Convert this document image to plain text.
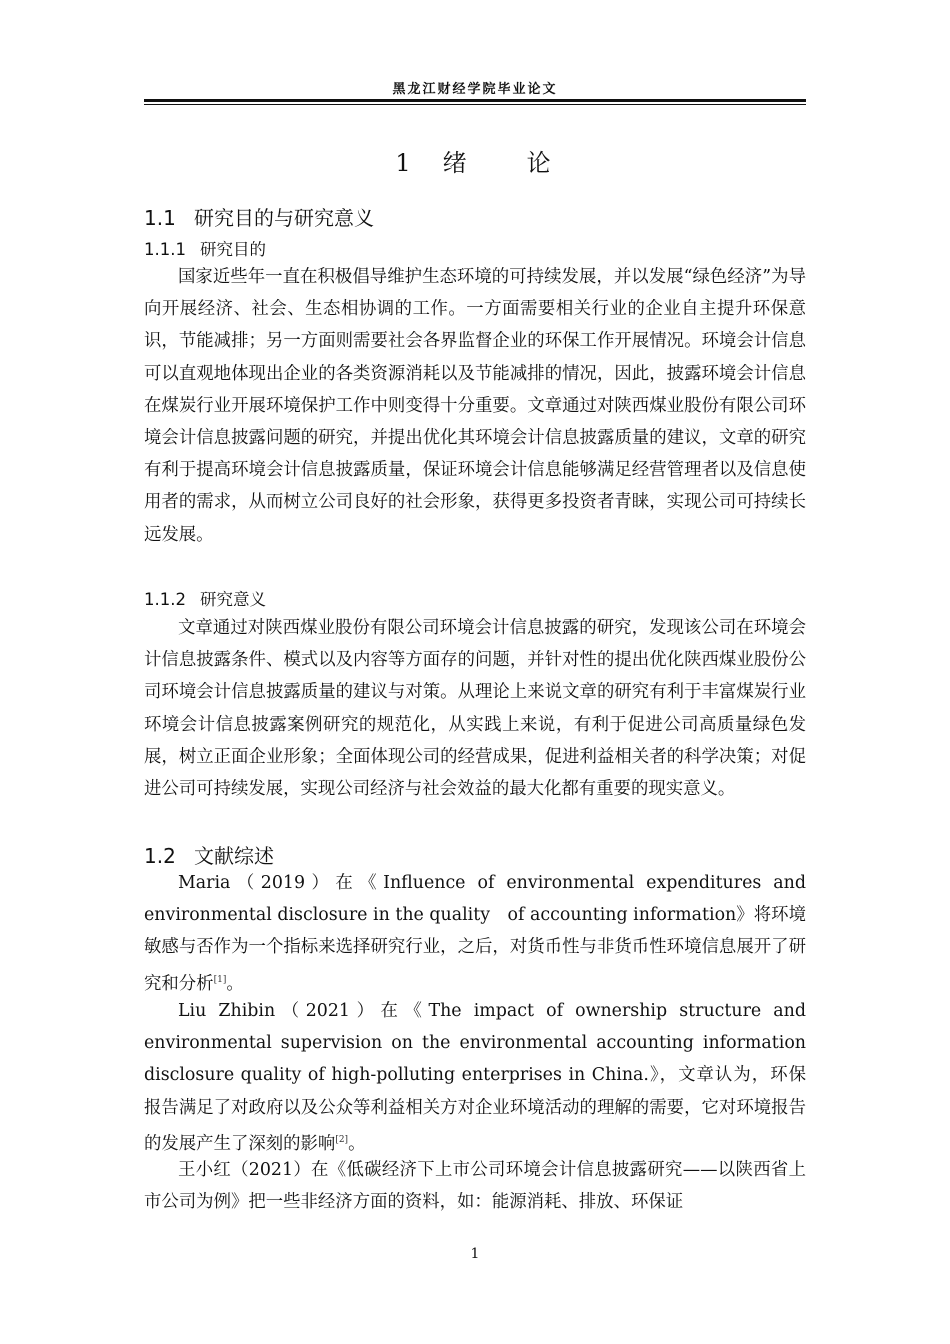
黑龙江财经学院毕业论文
1　绪　　论
1.1 研究目的与研究意义
1.1.1 研究目的

国家近些年一直在积极倡导维护生态环境的可持续发展，并以发展“绿色经济”为导向开展经济、社会、生态相协调的工作。一方面需要相关行业的企业自主提升环保意识，节能减排；另一方面则需要社会各界监督企业的环保工作开展情况。环境会计信息可以直观地体现出企业的各类资源消耗以及节能减排的情况，因此，披露环境会计信息在煤炭行业开展环境保护工作中则变得十分重要。文章通过对陕西煤业股份有限公司环境会计信息披露问题的研究，并提出优化其环境会计信息披露质量的建议，文章的研究有利于提高环境会计信息披露质量，保证环境会计信息能够满足经营管理者以及信息使用者的需求，从而树立公司良好的社会形象，获得更多投资者青睐，实现公司可持续长远发展。

1.1.2 研究意义

文章通过对陕西煤业股份有限公司环境会计信息披露的研究，发现该公司在环境会计信息披露条件、模式以及内容等方面存的问题，并针对性的提出优化陕西煤业股份公司环境会计信息披露质量的建议与对策。从理论上来说文章的研究有利于丰富煤炭行业环境会计信息披露案例研究的规范化，从实践上来说，有利于促进公司高质量绿色发展，树立正面企业形象；全面体现公司的经营成果，促进利益相关者的科学决策；对促进公司可持续发展，实现公司经济与社会效益的最大化都有重要的现实意义。

1.2 文献综述

Maria（2019）在《Influence of environmental expenditures and environmental disclosure in the quality　of accounting information》将环境敏感与否作为一个指标来选择研究行业，之后，对货币性与非货币性环境信息展开了研究和分析[1]。

Liu Zhibin（2021）在《The impact of ownership structure and environmental supervision on the environmental accounting information disclosure quality of high-polluting enterprises in China.》，文章认为，环保报告满足了对政府以及公众等利益相关方对企业环境活动的理解的需要，它对环境报告的发展产生了深刻的影响[2]。

王小红（2021）在《低碳经济下上市公司环境会计信息披露研究——以陕西省上市公司为例》把一些非经济方面的资料，如：能源消耗、排放、环保证

1
